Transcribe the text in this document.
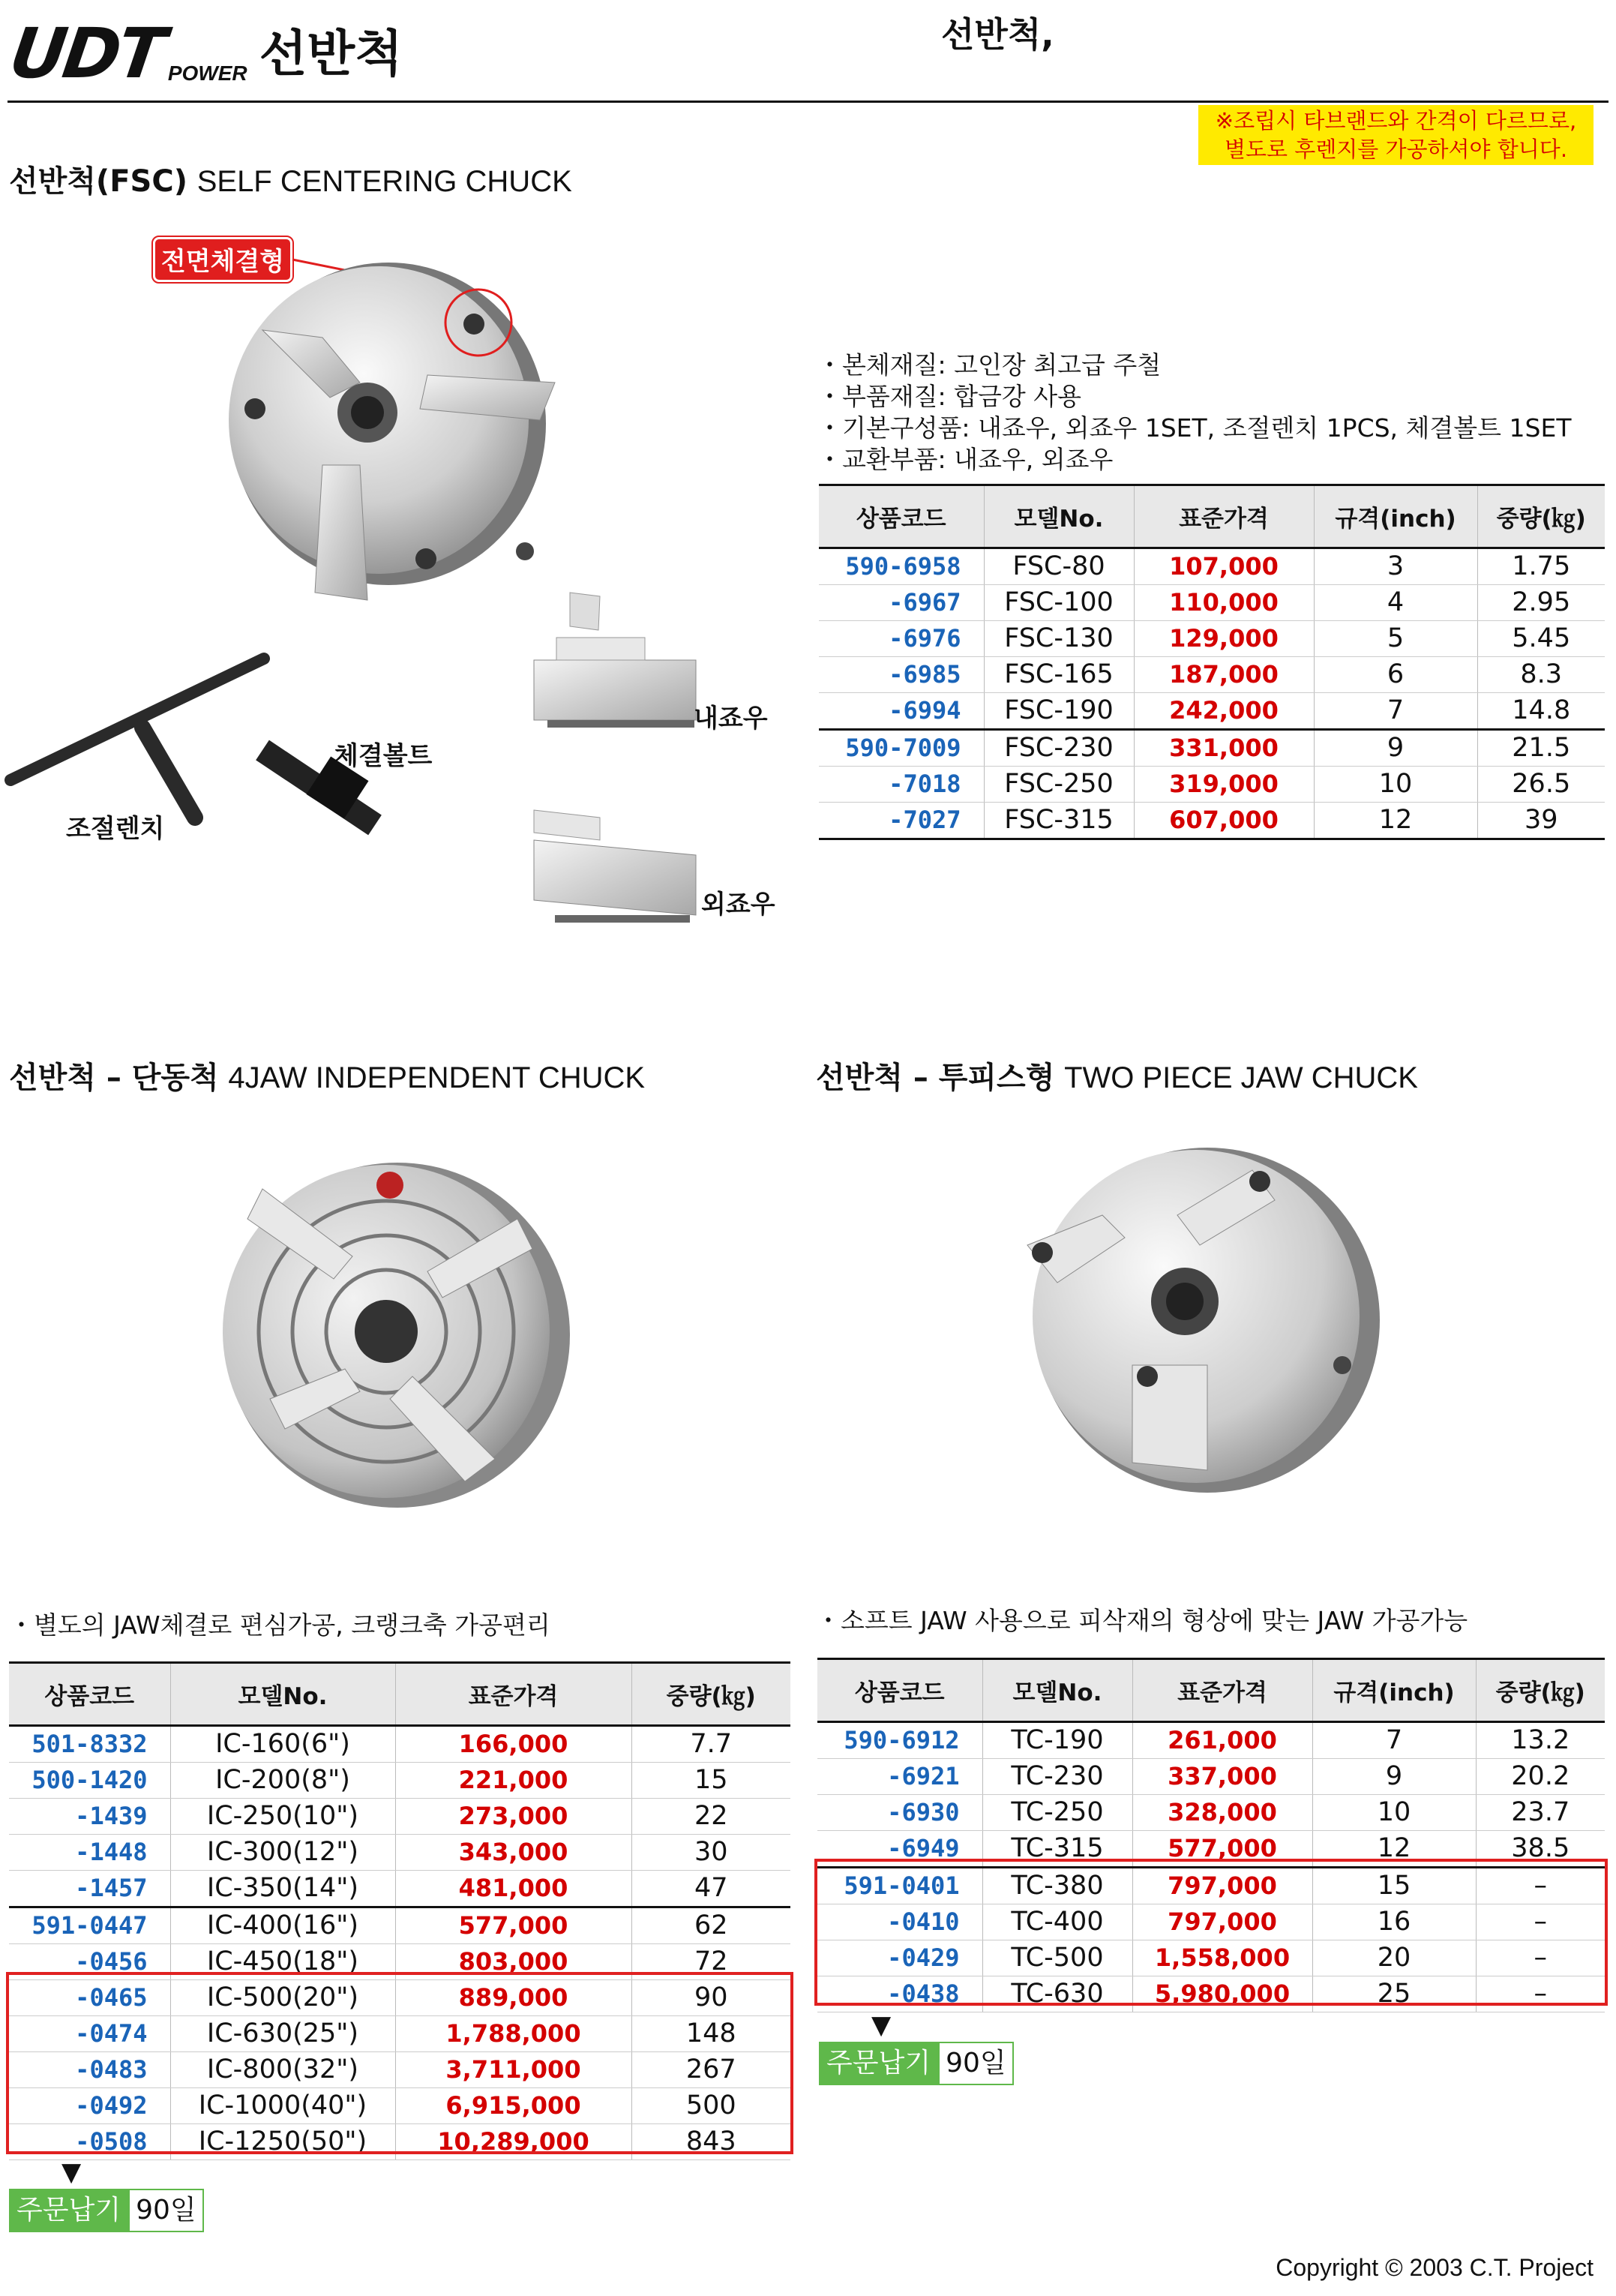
UDT POWER 선반척	선반척,
※조립시 타브랜드와 간격이 다르므로,
별도로 후렌지를 가공하셔야 합니다.
선반척(FSC) SELF CENTERING CHUCK
전면체결형
내죠우
외죠우
체결볼트
조절렌치
・본체재질: 고인장 최고급 주철
・부품재질: 합금강 사용
・기본구성품: 내죠우, 외죠우 1SET, 조절렌치 1PCS, 체결볼트 1SET
・교환부품: 내죠우, 외죠우
상품코드	모델No.	표준가격	규격(inch)	중량(㎏)
590-6958	FSC-80	107,000	3	1.75
-6967	FSC-100	110,000	4	2.95
-6976	FSC-130	129,000	5	5.45
-6985	FSC-165	187,000	6	8.3
-6994	FSC-190	242,000	7	14.8
590-7009	FSC-230	331,000	9	21.5
-7018	FSC-250	319,000	10	26.5
-7027	FSC-315	607,000	12	39
선반척 – 단동척 4JAW INDEPENDENT CHUCK
・별도의 JAW체결로 편심가공, 크랭크축 가공편리
상품코드	모델No.	표준가격	중량(㎏)
501-8332	IC-160(6")	166,000	7.7
500-1420	IC-200(8")	221,000	15
-1439	IC-250(10")	273,000	22
-1448	IC-300(12")	343,000	30
-1457	IC-350(14")	481,000	47
591-0447	IC-400(16")	577,000	62
-0456	IC-450(18")	803,000	72
-0465	IC-500(20")	889,000	90
-0474	IC-630(25")	1,788,000	148
-0483	IC-800(32")	3,711,000	267
-0492	IC-1000(40")	6,915,000	500
-0508	IC-1250(50")	10,289,000	843
▼
주문납기 90일
선반척 – 투피스형 TWO PIECE JAW CHUCK
・소프트 JAW 사용으로 피삭재의 형상에 맞는 JAW 가공가능
상품코드	모델No.	표준가격	규격(inch)	중량(㎏)
590-6912	TC-190	261,000	7	13.2
-6921	TC-230	337,000	9	20.2
-6930	TC-250	328,000	10	23.7
-6949	TC-315	577,000	12	38.5
591-0401	TC-380	797,000	15	–
-0410	TC-400	797,000	16	–
-0429	TC-500	1,558,000	20	–
-0438	TC-630	5,980,000	25	–
▼
주문납기 90일
Copyright © 2003 C.T. Project
